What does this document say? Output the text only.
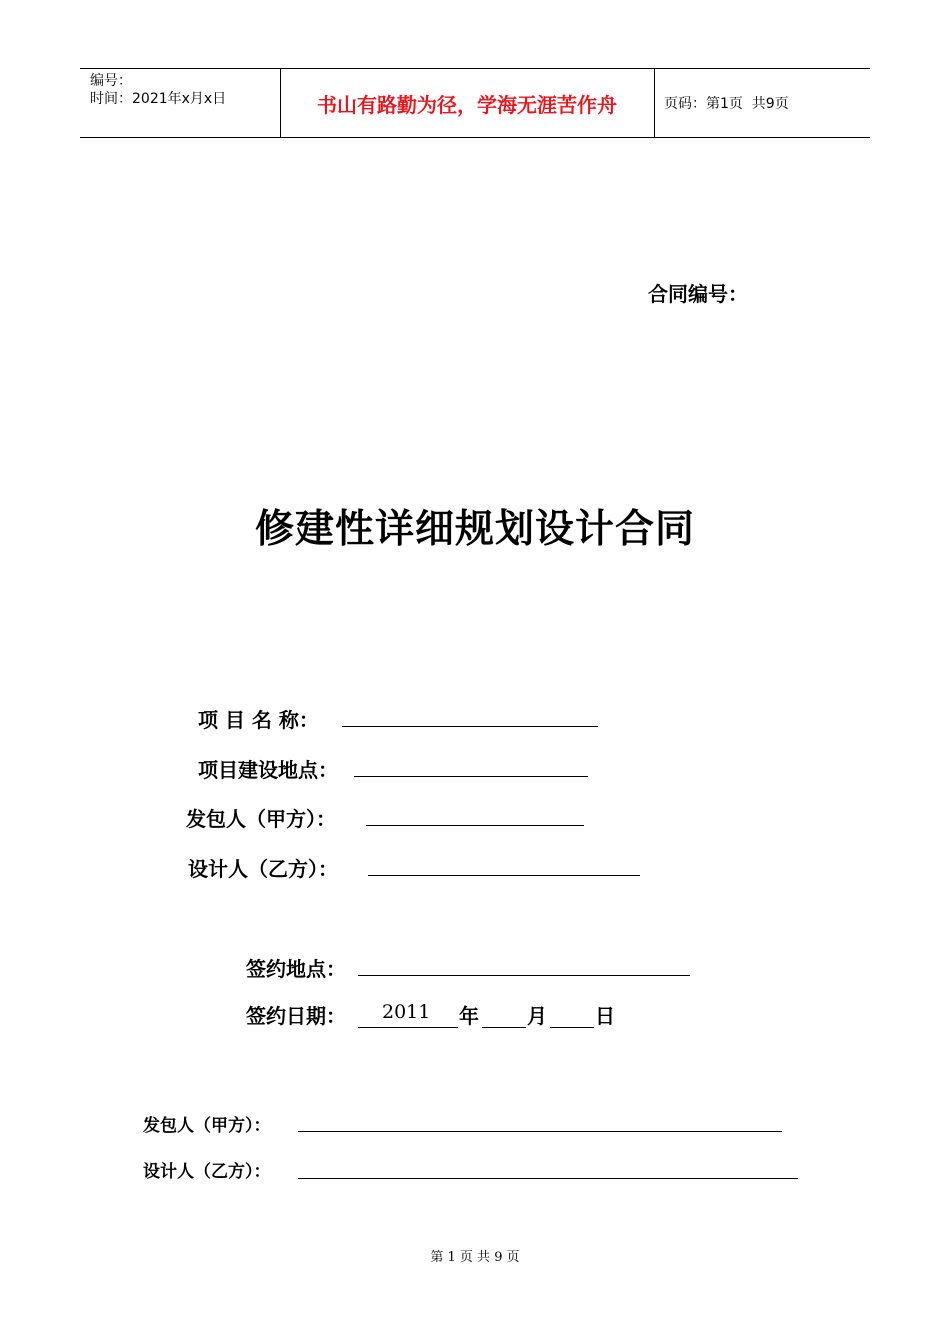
编号：
时间：2021年x月x日	书山有路勤为径，学海无涯苦作舟	页码：第1页  共9页
合同编号：
修建性详细规划设计合同
项 目 名 称：
项目建设地点：
发包人（甲方）：
设计人（乙方）：
签约地点：
签约日期： 2011 年 月 日
发包人（甲方）：
设计人（乙方）：
第 1 页 共 9 页
